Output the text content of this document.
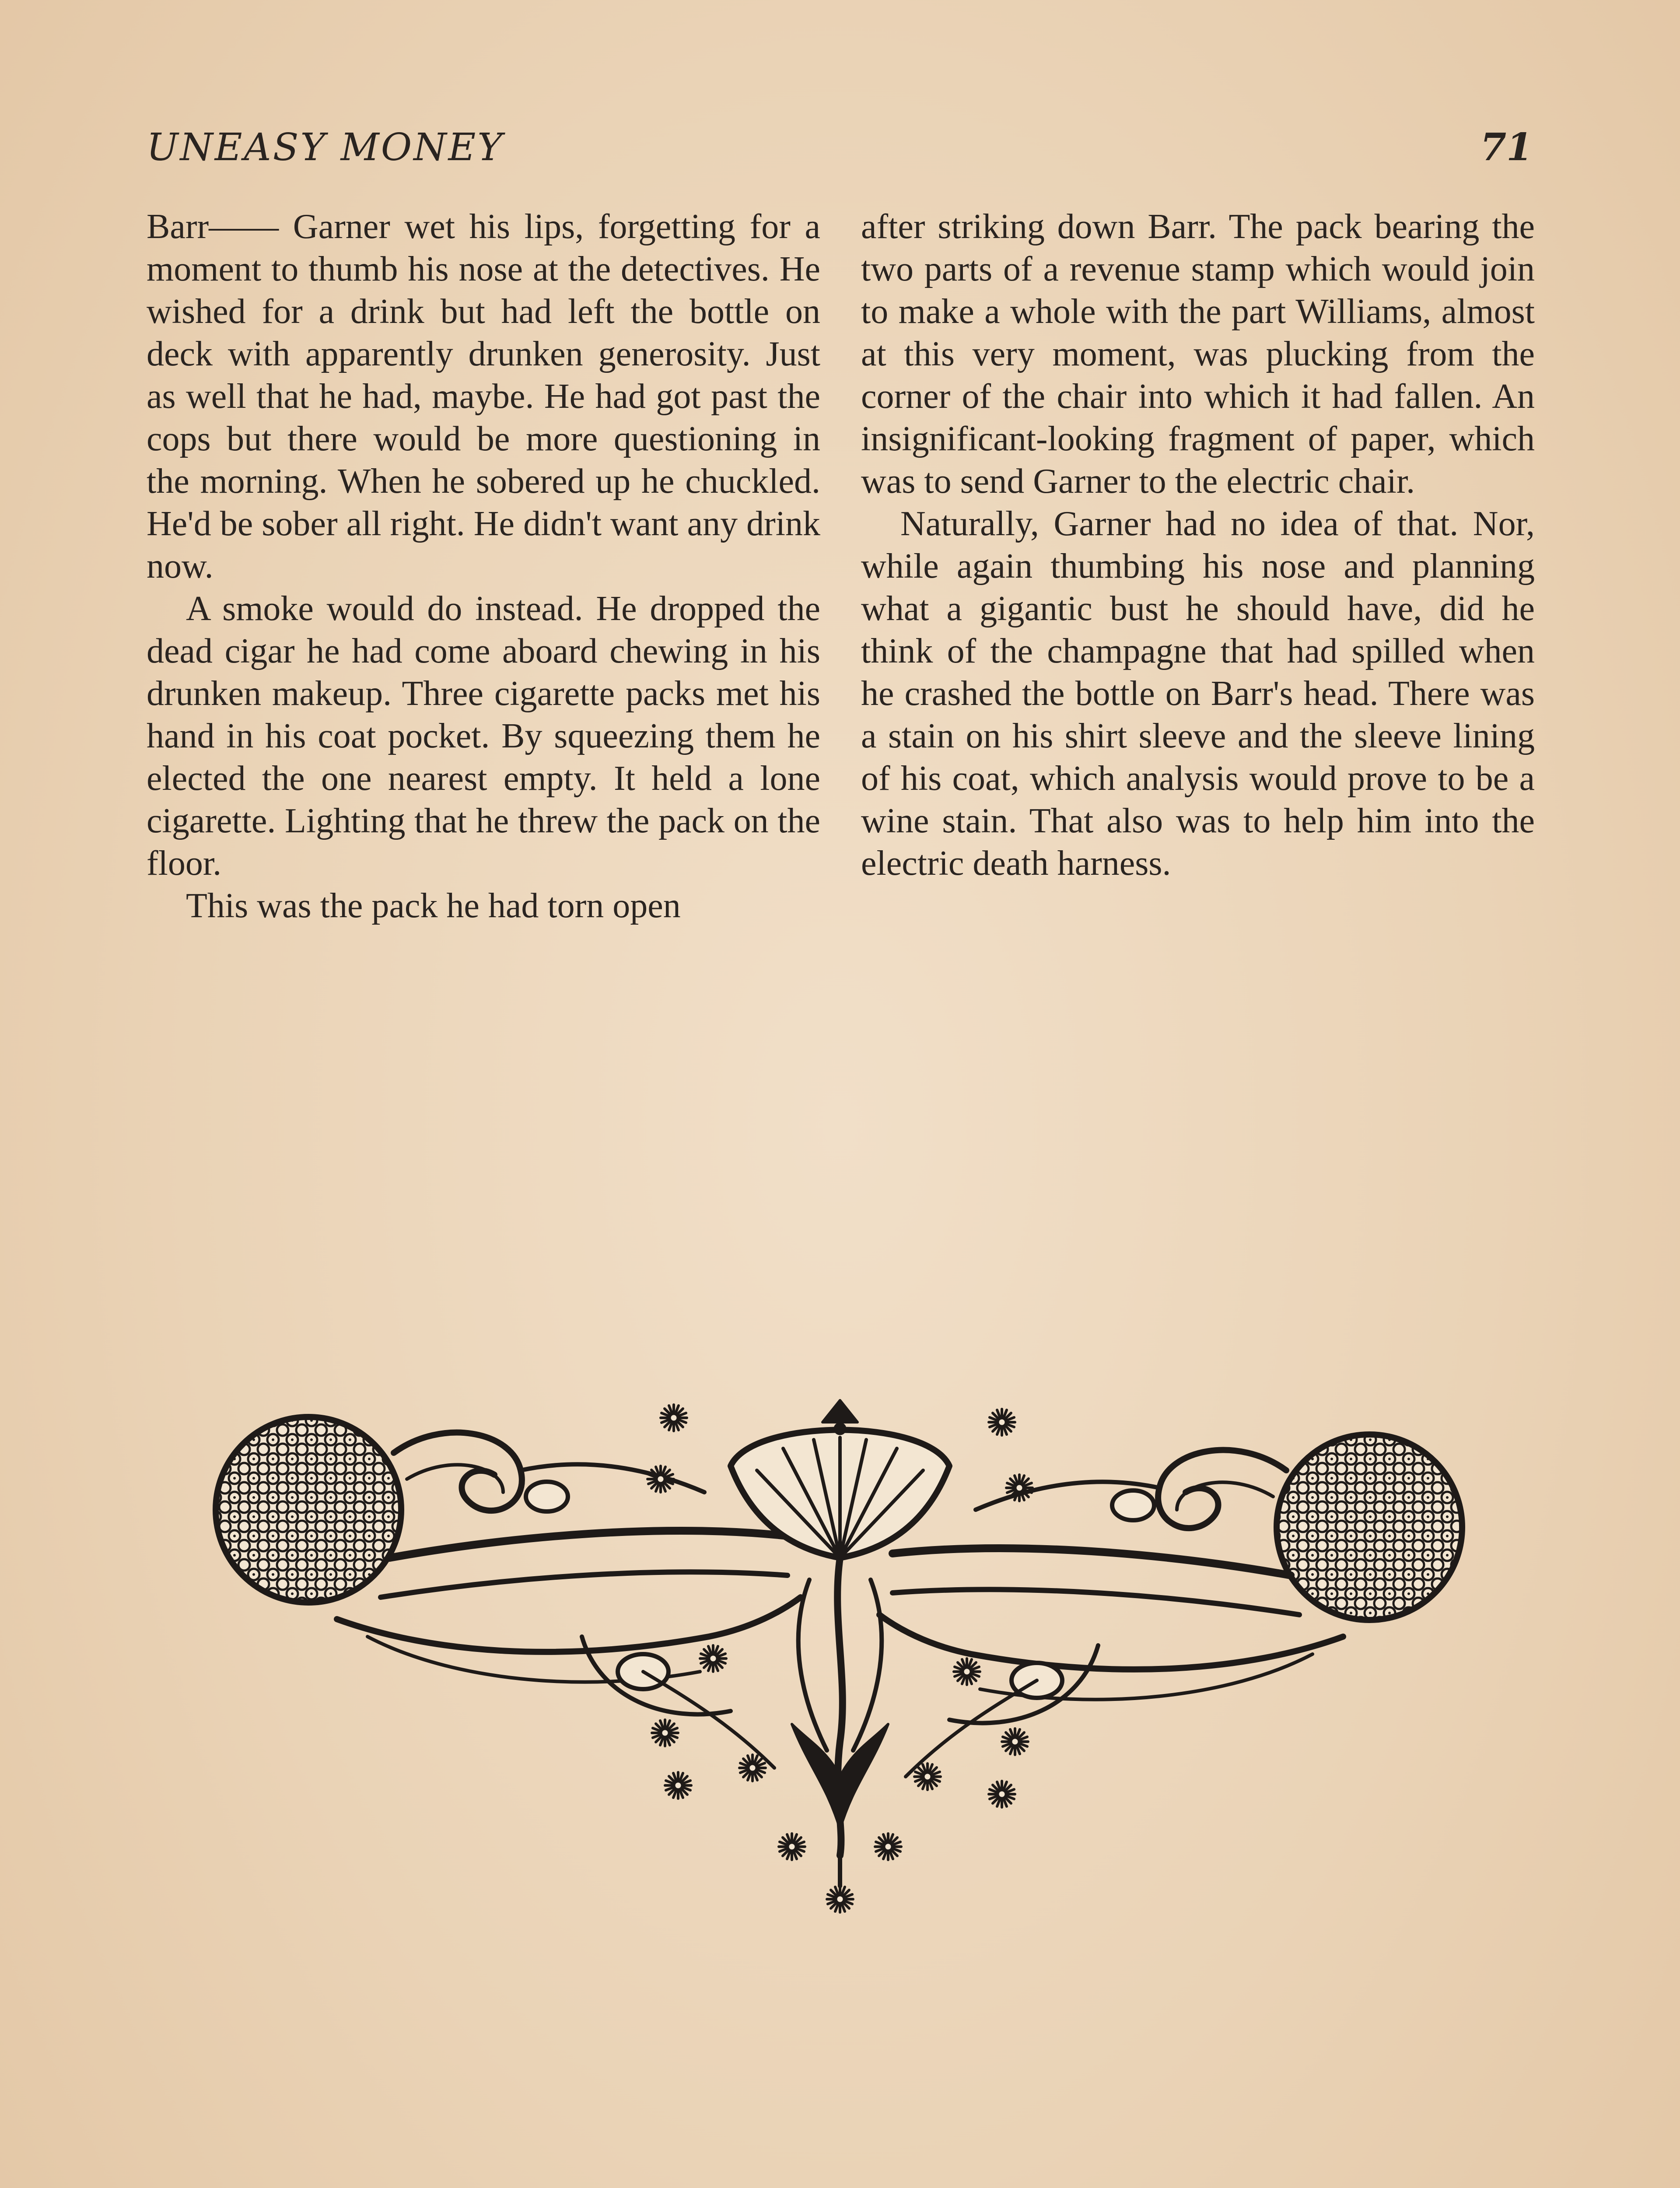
UNEASY MONEY	71

Barr—— Garner wet his lips, forgetting for a moment to thumb his nose at the detectives. He wished for a drink but had left the bottle on deck with apparently drunken generosity. Just as well that he had, maybe. He had got past the cops but there would be more questioning in the morning. When he sobered up he chuckled. He'd be sober all right. He didn't want any drink now.

A smoke would do instead. He dropped the dead cigar he had come aboard chewing in his drunken makeup. Three cigarette packs met his hand in his coat pocket. By squeezing them he elected the one nearest empty. It held a lone cigarette. Lighting that he threw the pack on the floor.

This was the pack he had torn open

after striking down Barr. The pack bearing the two parts of a revenue stamp which would join to make a whole with the part Williams, almost at this very moment, was plucking from the corner of the chair into which it had fallen. An insignificant-looking fragment of paper, which was to send Garner to the electric chair.

Naturally, Garner had no idea of that. Nor, while again thumbing his nose and planning what a gigantic bust he should have, did he think of the champagne that had spilled when he crashed the bottle on Barr's head. There was a stain on his shirt sleeve and the sleeve lining of his coat, which analysis would prove to be a wine stain. That also was to help him into the electric death harness.
